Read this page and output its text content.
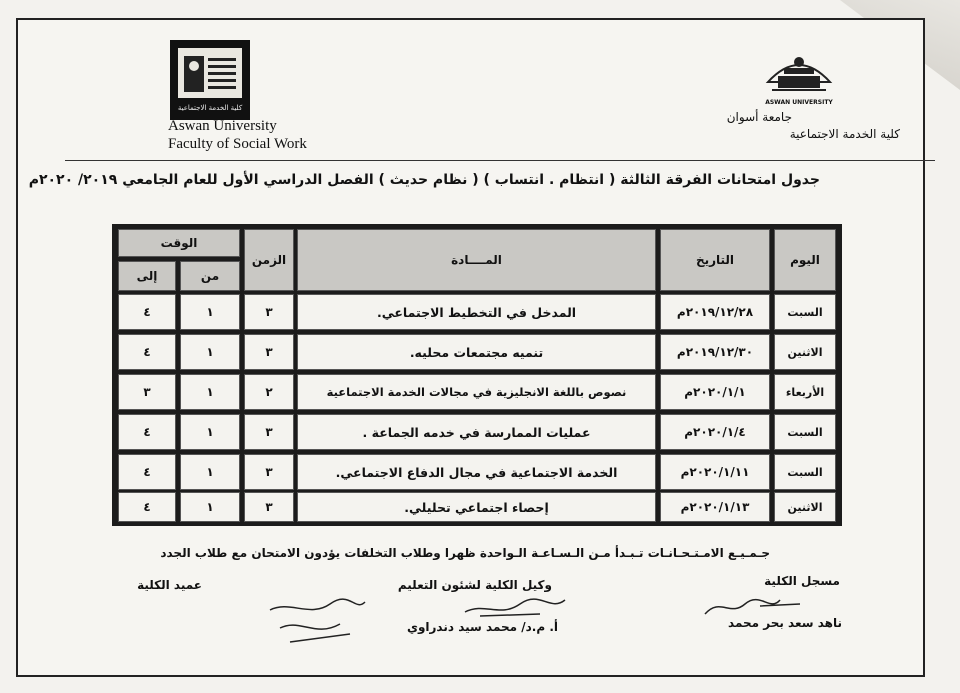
كلية الخدمة الاجتماعية
Aswan University
Faculty of Social Work
ASWAN UNIVERSITY
جامعة أسوان
كلية الخدمة الاجتماعية
جدول امتحانات الفرقة الثالثة ( انتظام . انتساب ) ( نظام حديث ) الفصل الدراسي الأول للعام الجامعي ٢٠١٩/ ٢٠٢٠م
اليوم
التاريخ
المــــادة
الزمن
الوقت
من
إلى
السبت
٢٠١٩/١٢/٢٨م
المدخل في التخطيط الاجتماعي.
٣
١
٤
الاثنين
٢٠١٩/١٢/٣٠م
تنميه مجتمعات محليه.
٣
١
٤
الأربعاء
٢٠٢٠/١/١م
نصوص باللغة الانجليزية في مجالات الخدمة الاجتماعية
٢
١
٣
السبت
٢٠٢٠/١/٤م
عمليات الممارسة في خدمه الجماعة .
٣
١
٤
السبت
٢٠٢٠/١/١١م
الخدمة الاجتماعية في مجال الدفاع الاجتماعي.
٣
١
٤
الاثنين
٢٠٢٠/١/١٣م
إحصاء اجتماعي تحليلي.
٣
١
٤
جـمـيـع الامـتـحـانـات تـبـدأ مـن الـسـاعـة الـواحدة ظهرا وطلاب التخلفات يؤدون الامتحان مع طلاب الجدد
مسجل الكلية
وكيل الكلية لشئون التعليم
عميد الكلية
ناهد سعد بحر محمد
أ. م.د/ محمد سيد دندراوي
